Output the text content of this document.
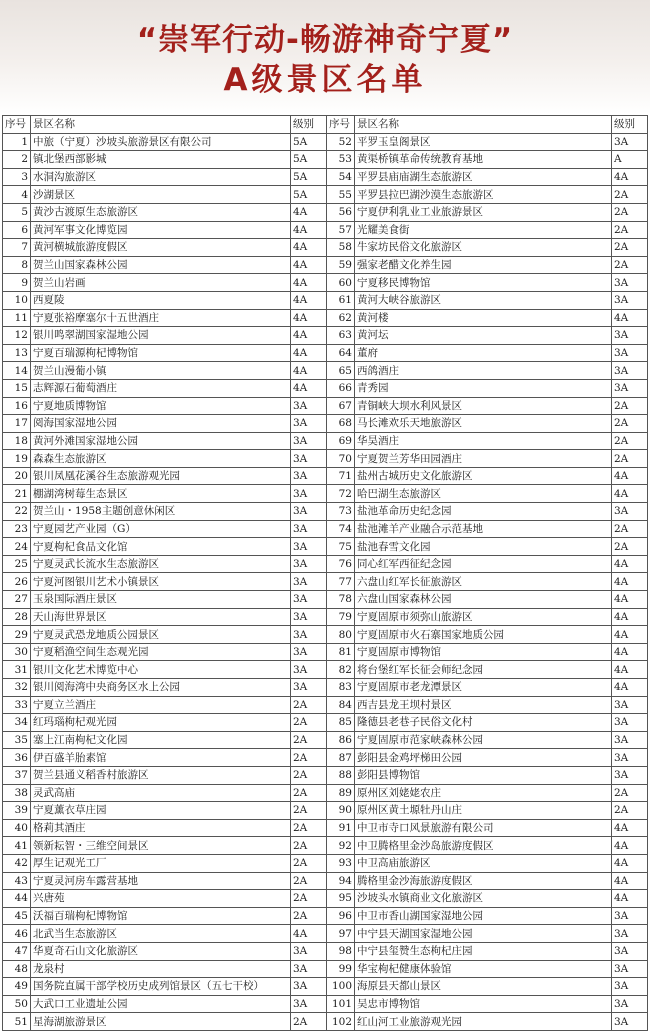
“崇军行动-畅游神奇宁夏”
A级景区名单
序号	景区名称	级别	序号	景区名称	级别
1	中旅（宁夏）沙坡头旅游景区有限公司	5A	52	平罗玉皇阁景区	3A
2	镇北堡西部影城	5A	53	黄渠桥镇革命传统教育基地	A
3	水洞沟旅游区	5A	54	平罗县庙庙湖生态旅游区	4A
4	沙湖景区	5A	55	平罗县拉巴湖沙漠生态旅游区	2A
5	黄沙古渡原生态旅游区	4A	56	宁夏伊利乳业工业旅游景区	2A
6	黄河军事文化博览园	4A	57	光耀美食街	2A
7	黄河横城旅游度假区	4A	58	牛家坊民俗文化旅游区	2A
8	贺兰山国家森林公园	4A	59	强家老醋文化养生园	2A
9	贺兰山岩画	4A	60	宁夏移民博物馆	3A
10	西夏陵	4A	61	黄河大峡谷旅游区	3A
11	宁夏张裕摩塞尔十五世酒庄	4A	62	黄河楼	4A
12	银川鸣翠湖国家湿地公园	4A	63	黄河坛	3A
13	宁夏百瑞源枸杞博物馆	4A	64	董府	3A
14	贺兰山漫葡小镇	4A	65	西鸽酒庄	3A
15	志辉源石葡萄酒庄	4A	66	青秀园	3A
16	宁夏地质博物馆	3A	67	青铜峡大坝水利风景区	2A
17	阅海国家湿地公园	3A	68	马长滩欢乐天地旅游区	2A
18	黄河外滩国家湿地公园	3A	69	华昊酒庄	2A
19	森森生态旅游区	3A	70	宁夏贺兰芳华田园酒庄	2A
20	银川凤凰花溪谷生态旅游观光园	3A	71	盐州古城历史文化旅游区	4A
21	棚湖湾树莓生态景区	3A	72	哈巴湖生态旅游区	4A
22	贺兰山・1958主题创意休闲区	3A	73	盐池革命历史纪念园	3A
23	宁夏园艺产业园（G）	3A	74	盐池滩羊产业融合示范基地	2A
24	宁夏枸杞食品文化馆	3A	75	盐池春雪文化园	2A
25	宁夏灵武长流水生态旅游区	3A	76	同心红军西征纪念园	4A
26	宁夏河图银川艺术小镇景区	3A	77	六盘山红军长征旅游区	4A
27	玉泉国际酒庄景区	3A	78	六盘山国家森林公园	4A
28	天山海世界景区	3A	79	宁夏固原市须弥山旅游区	4A
29	宁夏灵武恐龙地质公园景区	3A	80	宁夏固原市火石寨国家地质公园	4A
30	宁夏稻渔空间生态观光园	3A	81	宁夏固原市博物馆	4A
31	银川文化艺术博览中心	3A	82	将台堡红军长征会师纪念园	4A
32	银川阅海湾中央商务区水上公园	3A	83	宁夏固原市老龙潭景区	4A
33	宁夏立兰酒庄	2A	84	西吉县龙王坝村景区	3A
34	红玛瑙枸杞观光园	2A	85	隆德县老巷子民俗文化村	3A
35	塞上江南枸杞文化园	2A	86	宁夏固原市范家峡森林公园	3A
36	伊百盛羊胎素馆	2A	87	彭阳县金鸡坪梯田公园	3A
37	贺兰县通义稻香村旅游区	2A	88	彭阳县博物馆	3A
38	灵武高庙	2A	89	原州区刘姥姥农庄	2A
39	宁夏薰衣草庄园	2A	90	原州区黄土塬牡丹山庄	2A
40	格莉其酒庄	2A	91	中卫市寺口风景旅游有限公司	4A
41	领新耘智・三维空间景区	2A	92	中卫腾格里金沙岛旅游度假区	4A
42	厚生记观光工厂	2A	93	中卫高庙旅游区	4A
43	宁夏灵河房车露营基地	2A	94	腾格里金沙海旅游度假区	4A
44	兴唐苑	2A	95	沙坡头水镇商业文化旅游区	4A
45	沃福百瑞枸杞博物馆	2A	96	中卫市香山湖国家湿地公园	3A
46	北武当生态旅游区	4A	97	中宁县天湖国家湿地公园	3A
47	华夏奇石山文化旅游区	3A	98	中宁县玺赞生态枸杞庄园	3A
48	龙泉村	3A	99	华宝枸杞健康体验馆	3A
49	国务院直属干部学校历史成列馆景区（五七干校）	3A	100	海原县天都山景区	3A
50	大武口工业遗址公园	3A	101	吴忠市博物馆	3A
51	星海湖旅游景区	2A	102	红山河工业旅游观光园	3A
